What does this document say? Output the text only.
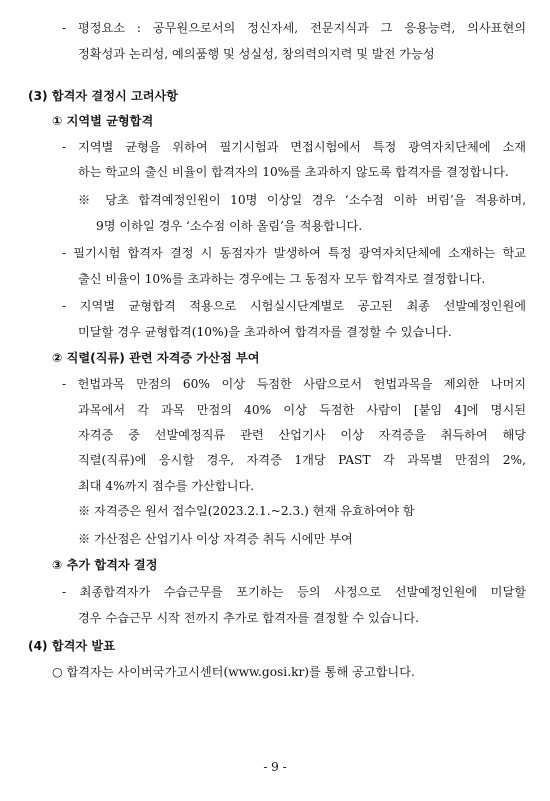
- 평정요소 : 공무원으로서의 정신자세, 전문지식과 그 응용능력, 의사표현의
정확성과 논리성, 예의품행 및 성실성, 창의력의지력 및 발전 가능성
(3) 합격자 결정시 고려사항
① 지역별 균형합격
- 지역별 균형을 위하여 필기시험과 면접시험에서 특정 광역자치단체에 소재
하는 학교의 출신 비율이 합격자의 10%를 초과하지 않도록 합격자를 결정합니다.
※ 당초 합격예정인원이 10명 이상일 경우 ‘소수점 이하 버림’을 적용하며,
9명 이하일 경우 ‘소수점 이하 올림’을 적용합니다.
- 필기시험 합격자 결정 시 동점자가 발생하여 특정 광역자치단체에 소재하는 학교
출신 비율이 10%를 초과하는 경우에는 그 동점자 모두 합격자로 결정합니다.
- 지역별 균형합격 적용으로 시험실시단계별로 공고된 최종 선발예정인원에
미달할 경우 균형합격(10%)을 초과하여 합격자를 결정할 수 있습니다.
② 직렬(직류) 관련 자격증 가산점 부여
- 헌법과목 만점의 60% 이상 득점한 사람으로서 헌법과목을 제외한 나머지
과목에서 각 과목 만점의 40% 이상 득점한 사람이 [붙임 4]에 명시된
자격증 중 선발예정직류 관련 산업기사 이상 자격증을 취득하여 해당
직렬(직류)에 응시할 경우, 자격증 1개당 PAST 각 과목별 만점의 2%,
최대 4%까지 점수를 가산합니다.
※ 자격증은 원서 접수일(2023.2.1.~2.3.) 현재 유효하여야 함
※ 가산점은 산업기사 이상 자격증 취득 시에만 부여
③ 추가 합격자 결정
- 최종합격자가 수습근무를 포기하는 등의 사정으로 선발예정인원에 미달할
경우 수습근무 시작 전까지 추가로 합격자를 결정할 수 있습니다.
(4) 합격자 발표
○ 합격자는 사이버국가고시센터(www.gosi.kr)를 통해 공고합니다.
- 9 -
